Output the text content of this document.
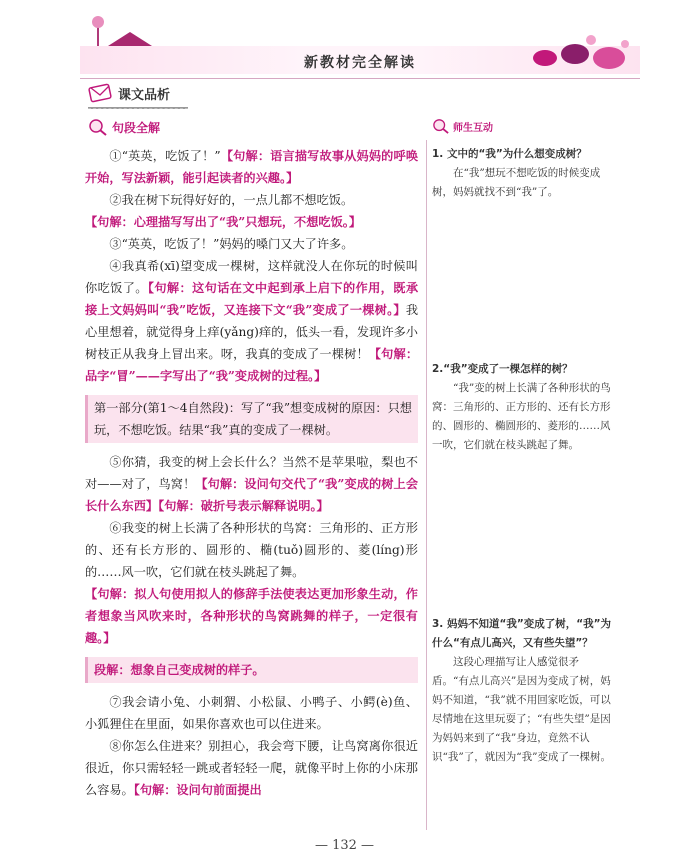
新教材完全解读
课文品析
句段全解	师生互动

①“英英，吃饭了！”【句解：语言描写故事从妈妈的呼唤开始，写法新颖，能引起读者的兴趣。】

②我在树下玩得好好的，一点儿都不想吃饭。

【句解：心理描写写出了“我”只想玩，不想吃饭。】

③“英英，吃饭了！”妈妈的嗓门又大了许多。

④我真希(xī)望变成一棵树，这样就没人在你玩的时候叫你吃饭了。【句解：这句话在文中起到承上启下的作用，既承接上文妈妈叫“我”吃饭，又连接下文“我”变成了一棵树。】我心里想着，就觉得身上痒(yǎng)痒的，低头一看，发现许多小树枝正从我身上冒出来。呀，我真的变成了一棵树！【句解：品字“冒”——字写出了“我”变成树的过程。】

第一部分(第1～4自然段)：写了“我”想变成树的原因：只想玩，不想吃饭。结果“我”真的变成了一棵树。

⑤你猜，我变的树上会长什么？当然不是苹果啦，梨也不对——对了，鸟窝！【句解：设问句交代了“我”变成的树上会长什么东西】【句解：破折号表示解释说明。】

⑥我变的树上长满了各种形状的鸟窝：三角形的、正方形的、还有长方形的、圆形的、椭(tuǒ)圆形的、菱(líng)形的……风一吹，它们就在枝头跳起了舞。

【句解：拟人句使用拟人的修辞手法使表达更加形象生动，作者想象当风吹来时，各种形状的鸟窝跳舞的样子，一定很有趣。】

段解：想象自己变成树的样子。

⑦我会请小兔、小刺猬、小松鼠、小鸭子、小鳄(è)鱼、小狐狸住在里面，如果你喜欢也可以住进来。

⑧你怎么住进来？别担心，我会弯下腰，让鸟窝离你很近很近，你只需轻轻一跳或者轻轻一爬，就像平时上你的小床那么容易。【句解：设问句前面提出

1. 文中的“我”为什么想变成树？
在“我”想玩不想吃饭的时候变成树，妈妈就找不到“我”了。
2.“我”变成了一棵怎样的树？
“我”变的树上长满了各种形状的鸟窝：三角形的、正方形的、还有长方形的、圆形的、椭圆形的、菱形的……风一吹，它们就在枝头跳起了舞。
3. 妈妈不知道“我”变成了树，“我”为什么“有点儿高兴，又有些失望”？
这段心理描写让人感觉很矛盾。“有点儿高兴”是因为变成了树，妈妈不知道，“我”就不用回家吃饭，可以尽情地在这里玩耍了；“有些失望”是因为妈妈来到了“我”身边，竟然不认识“我”了，就因为“我”变成了一棵树。
— 132 —
